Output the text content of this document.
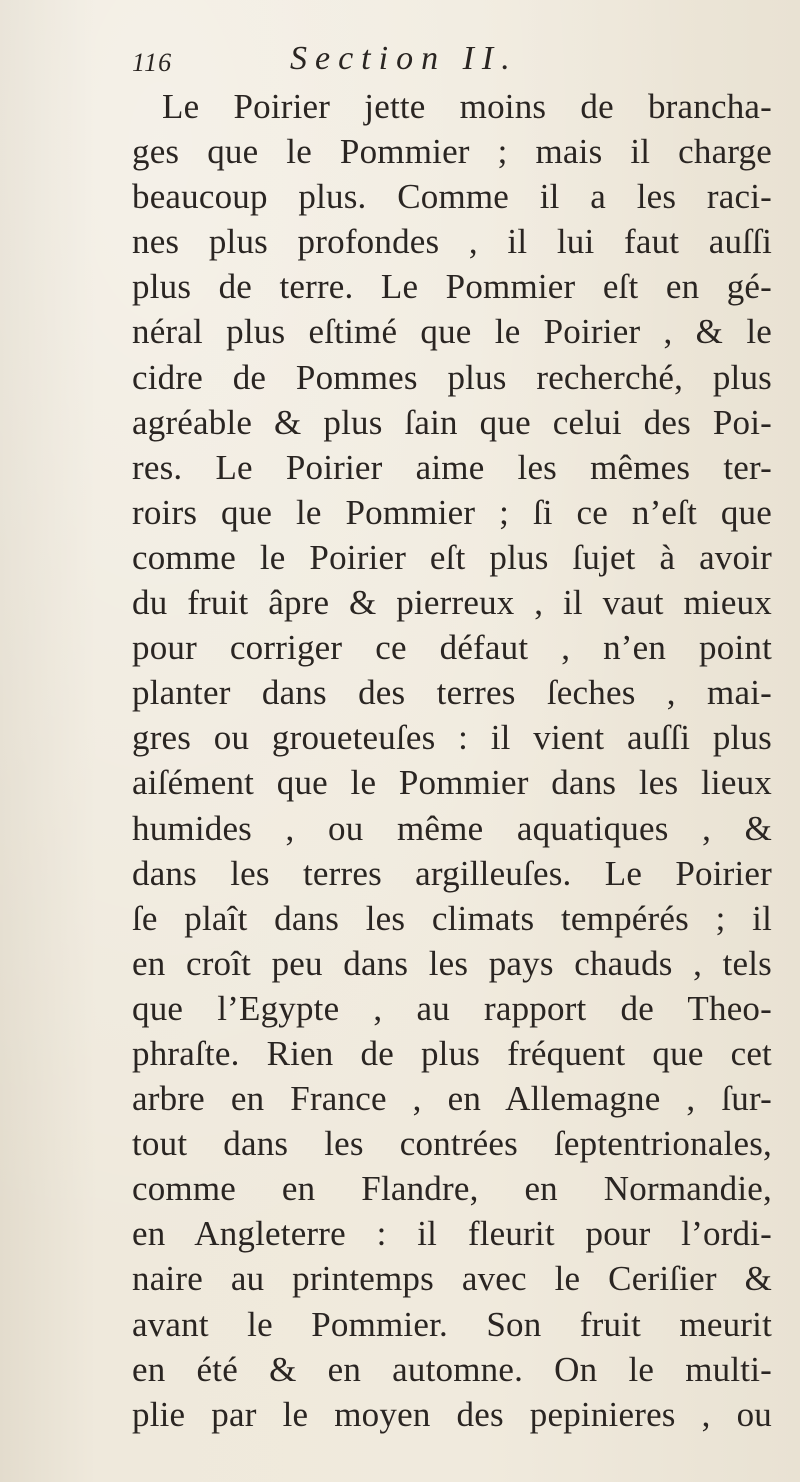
116	Section II.
Le Poirier jette moins de brancha-
ges que le Pommier ; mais il charge
beaucoup plus. Comme il a les raci-
nes plus profondes , il lui faut auſſi
plus de terre. Le Pommier eſt en gé-
néral plus eſtimé que le Poirier , & le
cidre de Pommes plus recherché, plus
agréable & plus ſain que celui des Poi-
res. Le Poirier aime les mêmes ter-
roirs que le Pommier ; ſi ce n’eſt que
comme le Poirier eſt plus ſujet à avoir
du fruit âpre & pierreux , il vaut mieux
pour corriger ce défaut , n’en point
planter dans des terres ſeches , mai-
gres ou groueteuſes : il vient auſſi plus
aiſément que le Pommier dans les lieux
humides , ou même aquatiques , &
dans les terres argilleuſes. Le Poirier
ſe plaît dans les climats tempérés ; il
en croît peu dans les pays chauds , tels
que l’Egypte , au rapport de Theo-
phraſte. Rien de plus fréquent que cet
arbre en France , en Allemagne , ſur-
tout dans les contrées ſeptentrionales,
comme en Flandre, en Normandie,
en Angleterre : il fleurit pour l’ordi-
naire au printemps avec le Ceriſier &
avant le Pommier. Son fruit meurit
en été & en automne. On le multi-
plie par le moyen des pepinieres , ou
